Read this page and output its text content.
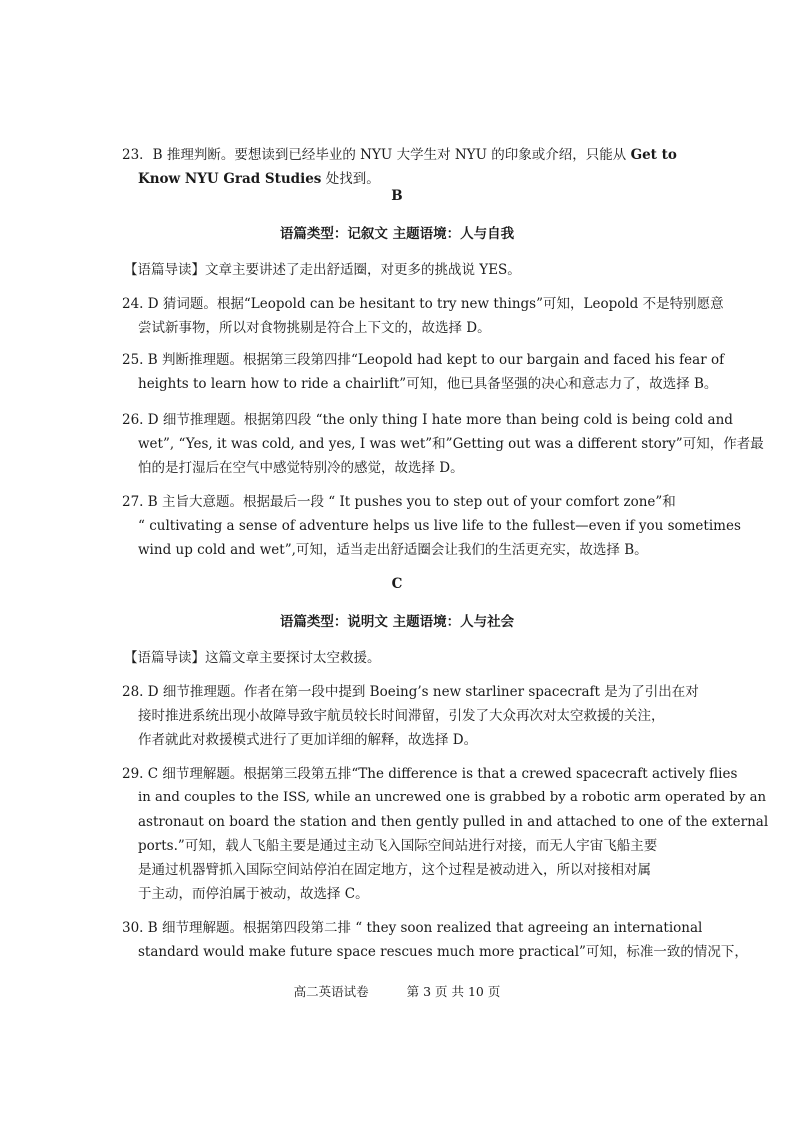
23．B 推理判断。要想读到已经毕业的 NYU 大学生对 NYU 的印象或介绍，只能从 Get to
Know NYU Grad Studies 处找到。
B
语篇类型：记叙文 主题语境：人与自我
【语篇导读】文章主要讲述了走出舒适圈，对更多的挑战说 YES。
24. D 猜词题。根据“Leopold can be hesitant to try new things”可知，Leopold 不是特别愿意
尝试新事物，所以对食物挑剔是符合上下文的，故选择 D。
25. B 判断推理题。根据第三段第四排“Leopold had kept to our bargain and faced his fear of
heights to learn how to ride a chairlift”可知，他已具备坚强的决心和意志力了，故选择 B。
26. D 细节推理题。根据第四段 “the only thing I hate more than being cold is being cold and
wet”, “Yes, it was cold, and yes, I was wet”和”Getting out was a different story”可知，作者最
怕的是打湿后在空气中感觉特别冷的感觉，故选择 D。
27. B 主旨大意题。根据最后一段 “ It pushes you to step out of your comfort zone”和
“ cultivating a sense of adventure helps us live life to the fullest—even if you sometimes
wind up cold and wet”,可知，适当走出舒适圈会让我们的生活更充实，故选择 B。
C
语篇类型：说明文 主题语境：人与社会
【语篇导读】这篇文章主要探讨太空救援。
28. D 细节推理题。作者在第一段中提到 Boeing’s new starliner spacecraft 是为了引出在对
接时推进系统出现小故障导致宇航员较长时间滞留，引发了大众再次对太空救援的关注，
作者就此对救援模式进行了更加详细的解释，故选择 D。
29. C 细节理解题。根据第三段第五排“The difference is that a crewed spacecraft actively flies
in and couples to the ISS, while an uncrewed one is grabbed by a robotic arm operated by an
astronaut on board the station and then gently pulled in and attached to one of the external
ports.”可知，载人飞船主要是通过主动飞入国际空间站进行对接，而无人宇宙飞船主要
是通过机器臂抓入国际空间站停泊在固定地方，这个过程是被动进入，所以对接相对属
于主动，而停泊属于被动，故选择 C。
30. B 细节理解题。根据第四段第二排 “ they soon realized that agreeing an international
standard would make future space rescues much more practical”可知，标准一致的情况下，
高二英语试卷	第 3 页 共 10 页
